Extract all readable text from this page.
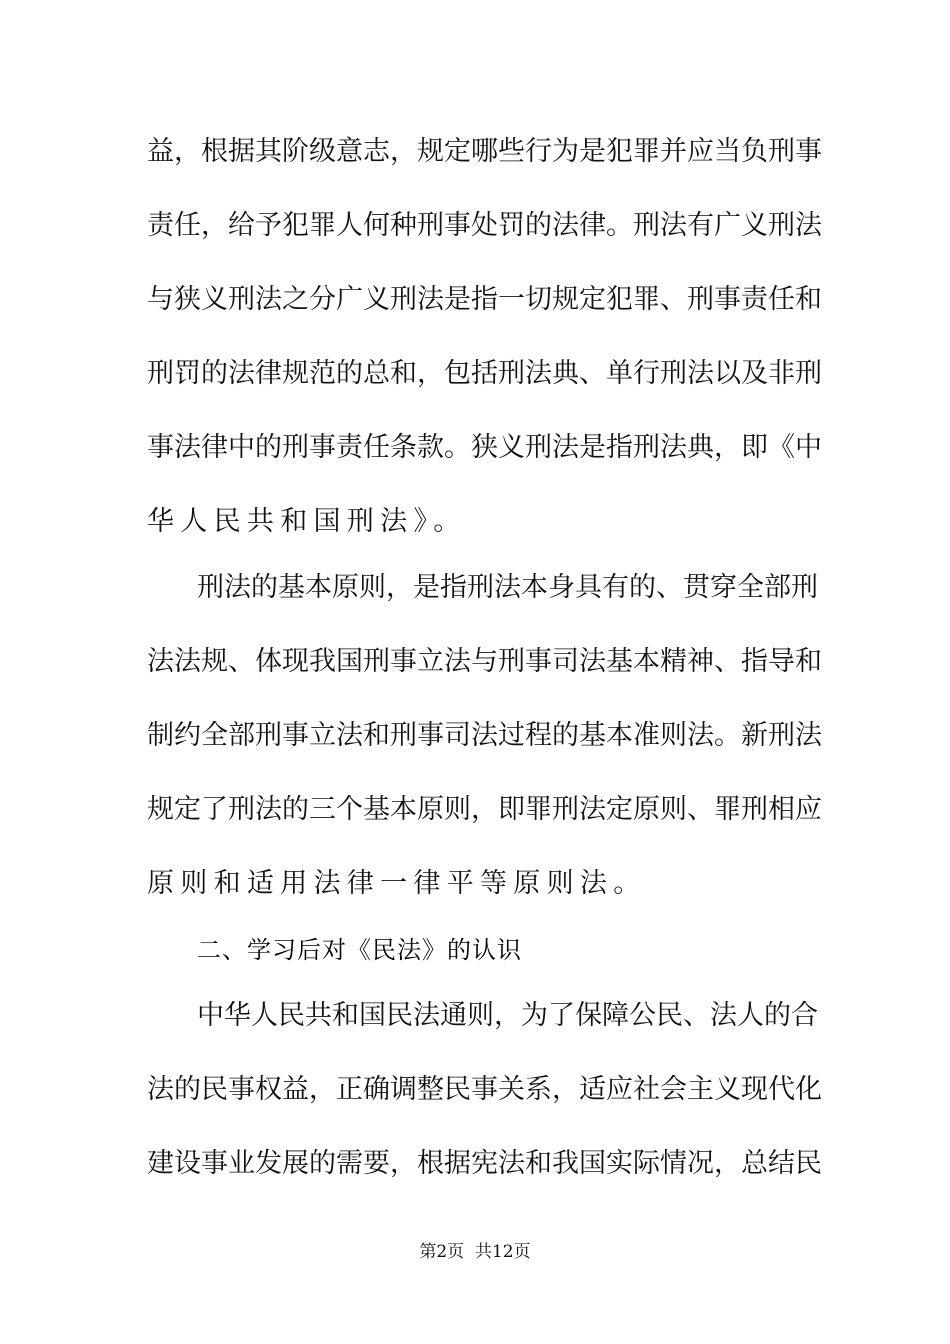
益，根据其阶级意志，规定哪些行为是犯罪并应当负刑事
责任，给予犯罪人何种刑事处罚的法律。刑法有广义刑法
与狭义刑法之分广义刑法是指一切规定犯罪、刑事责任和
刑罚的法律规范的总和，包括刑法典、单行刑法以及非刑
事法律中的刑事责任条款。狭义刑法是指刑法典，即《中
华人民共和国刑法》。
刑法的基本原则，是指刑法本身具有的、贯穿全部刑
法法规、体现我国刑事立法与刑事司法基本精神、指导和
制约全部刑事立法和刑事司法过程的基本准则法。新刑法
规定了刑法的三个基本原则，即罪刑法定原则、罪刑相应
原则和适用法律一律平等原则法。
二、学习后对《民法》的认识
中华人民共和国民法通则，为了保障公民、法人的合
法的民事权益，正确调整民事关系，适应社会主义现代化
建设事业发展的需要，根据宪法和我国实际情况，总结民
第2页  共12页
